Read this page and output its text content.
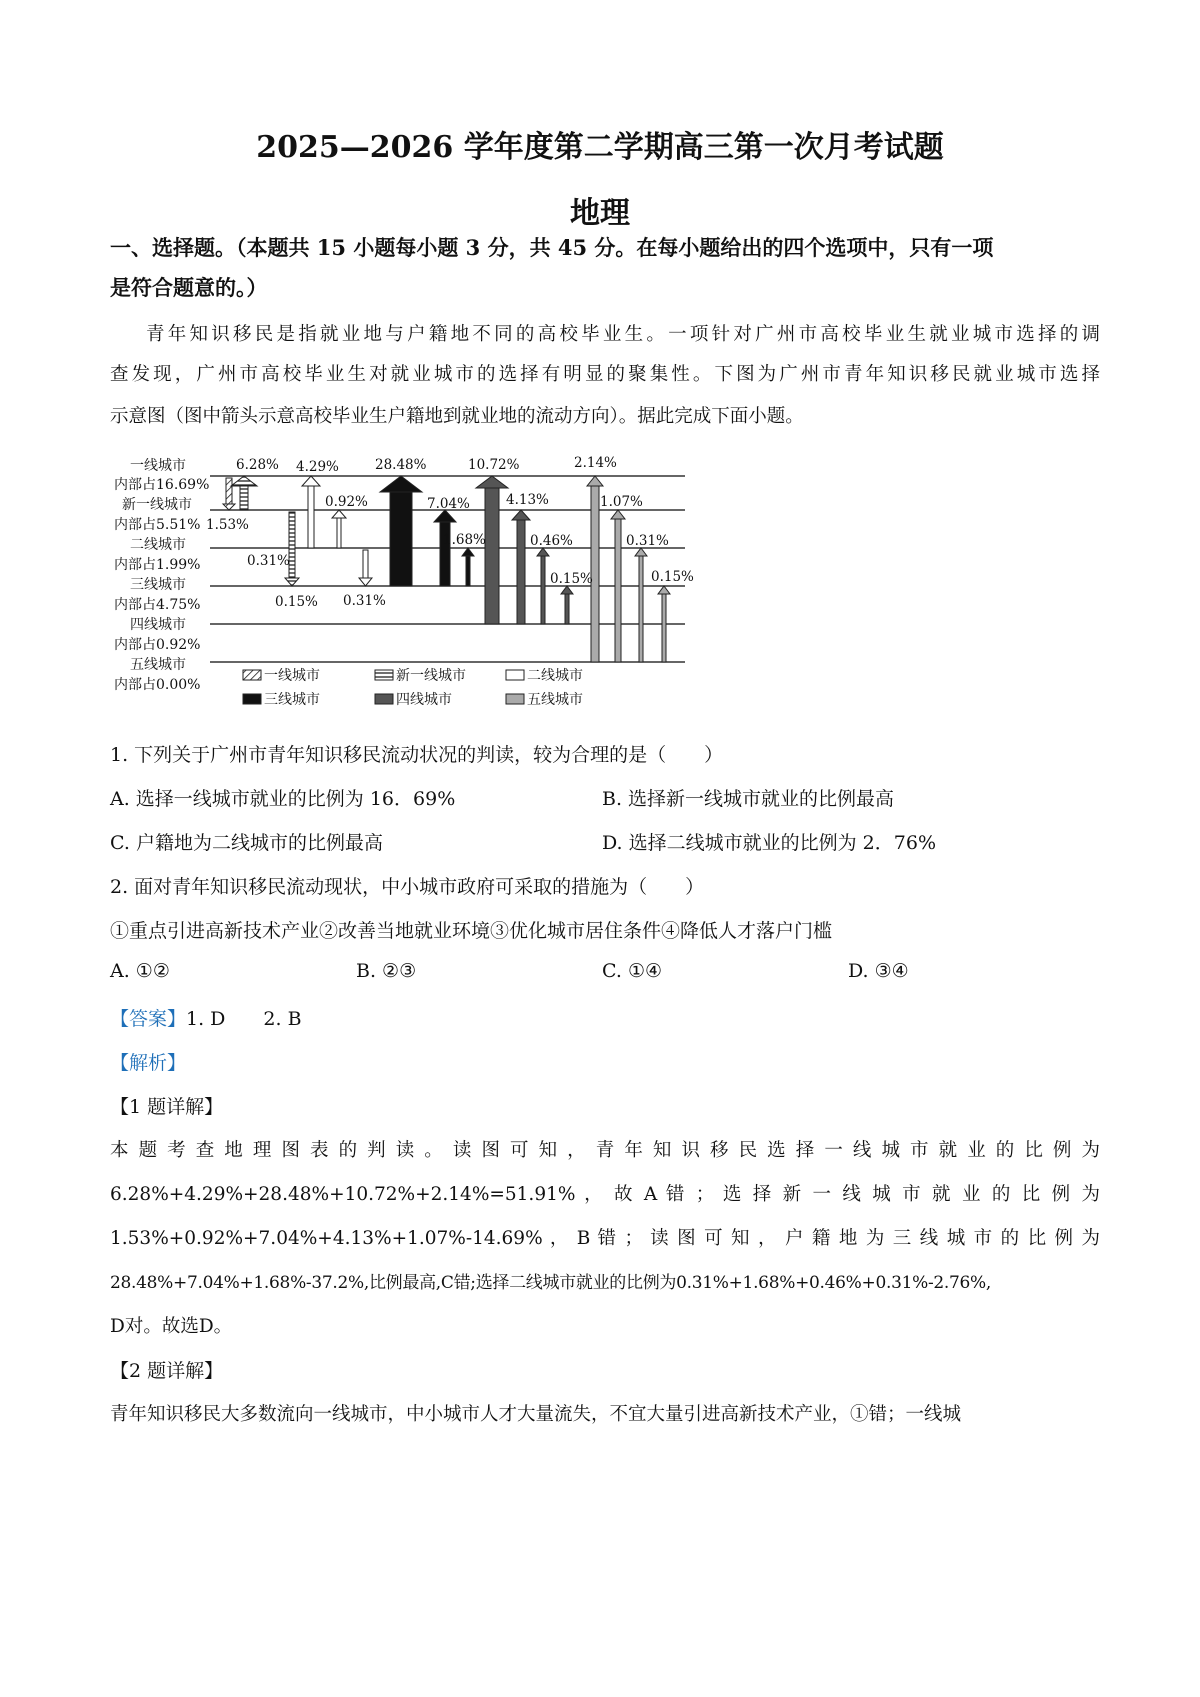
2025—2026 学年度第二学期高三第一次月考试题
地理
一、选择题。（本题共 15 小题每小题 3 分，共 45 分。在每小题给出的四个选项中，只有一项
是符合题意的。）
青年知识移民是指就业地与户籍地不同的高校毕业生。一项针对广州市高校毕业生就业城市选择的调
查发现，广州市高校毕业生对就业城市的选择有明显的聚集性。下图为广州市青年知识移民就业城市选择
示意图（图中箭头示意高校毕业生户籍地到就业地的流动方向）。据此完成下面小题。
一线城市
内部占16.69%
新一线城市
内部占5.51%
二线城市
内部占1.99%
三线城市
内部占4.75%
四线城市
内部占0.92%
五线城市
内部占0.00%
6.28%
1.53%
4.29%
0.31%
0.15%
0.92%
0.31%
28.48%
7.04%
1.68%
10.72%
4.13%
0.46%
0.15%
2.14%
1.07%
0.31%
0.15%
一线城市	新一线城市	二线城市
三线城市	四线城市	五线城市
1. 下列关于广州市青年知识移民流动状况的判读，较为合理的是（　　）
A. 选择一线城市就业的比例为 16．69%	B. 选择新一线城市就业的比例最高
C. 户籍地为二线城市的比例最高	D. 选择二线城市就业的比例为 2．76%
2. 面对青年知识移民流动现状，中小城市政府可采取的措施为（　　）
①重点引进高新技术产业②改善当地就业环境③优化城市居住条件④降低人才落户门槛
A. ①②	B. ②③	C. ①④	D. ③④
【答案】1. D　　2. B
【解析】
【1 题详解】
本题考查地理图表的判读。读图可知，青年知识移民选择一线城市就业的比例为
6.28%+4.29%+28.48%+10.72%+2.14%=51.91% ， 故 A 错 ； 选 择 新 一 线 城 市 就 业 的 比 例 为
1.53%+0.92%+7.04%+4.13%+1.07%-14.69% ， B 错 ； 读 图 可 知 ， 户 籍 地 为 三 线 城 市 的 比 例 为
28.48%+7.04%+1.68%-37.2%,比例最高,C错;选择二线城市就业的比例为0.31%+1.68%+0.46%+0.31%-2.76%,
D对。故选D。
【2 题详解】
青年知识移民大多数流向一线城市，中小城市人才大量流失，不宜大量引进高新技术产业，①错；一线城
